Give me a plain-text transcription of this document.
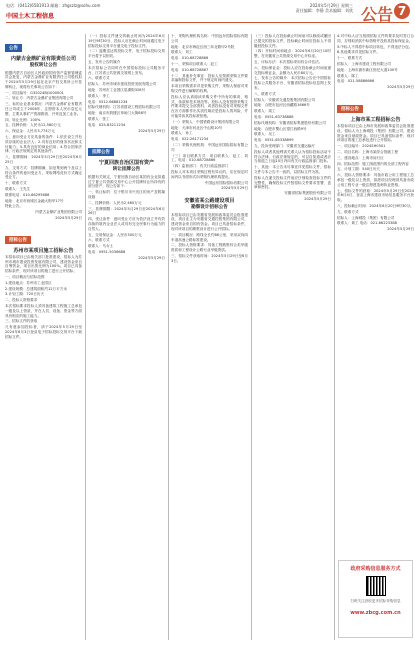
电话：(0412)6581913 邮箱：zhgszlz@sohu.com
中国土木工程信息
2024年5月29日 星期三
责任编辑：李静 美术编辑：刘欣 公告 7
公告
内蒙古金鼎矿业有限责任公司
股权转让公告
根据内蒙古自治区人民政府国有资产监督管理委员会批复，内蒙古金鼎矿业有限责任公司股权拟于2024年5月29日起在北京产权交易所公开挂牌转让，现将有关事项公告如下：
一、项目编号：G32024BJ1000001
二、转让方：内蒙古金鼎矿业集团有限公司
三、标的企业基本情况：内蒙古金鼎矿业有限责任公司成立于2008年，注册资本人民币壹亿元整，主要从事矿产资源勘查、开采及加工业务。
四、转让比例：100%
五、挂牌价格：人民币12,580万元
六、保证金：人民币3,774万元
七、意向受让方应具备的条件：1.依法设立并有效存续的企业法人；2.具有良好的财务状况和支付能力；3.具有良好的商业信用；4.符合国家法律、行政法规规定的其他条件。
八、挂牌期间：2024年5月29日至2024年6月25日
九、交易方式：挂牌期满，如征集到两个及以上符合条件的意向受让方，采取网络竞价方式确定受让方。
十、联系方式
联系人：王先生
联系电话：010-66295688
地址：北京市西城区金融大街甲17号
特此公告。
内蒙古金鼎矿业集团有限公司
2024年5月29日
招标公告
苏州市某项目施工招标公告
本招标项目已由相关部门批准建设，招标人为苏州市城市建设投资发展有限公司，建设资金来自自筹资金，项目出资比例为100%。项目已具备招标条件，现对该项目的施工进行公开招标。
一、项目概况与招标范围
1.建设地点：苏州市工业园区
2.建设规模：总建筑面积约12万平方米
3.计划工期：720日历天
二、投标人资格要求
本次招标要求投标人须具备建筑工程施工总承包一级及以上资质，并在人员、设备、资金等方面具有相应的施工能力。
三、招标文件的获取
凡有意参加投标者，请于2024年5月29日至2024年6月3日登录电子招标投标交易平台下载招标文件。
（一）投标文件递交的截止时间为2024年6月19日9时30分，投标人应在截止时间前通过电子招标投标交易平台递交电子投标文件。
（二）逾期送达的投标文件，电子招标投标交易平台将予以拒收。
五、发布公告的媒介
本次招标公告同时在中国招标投标公共服务平台、江苏省公共资源交易网上发布。
六、联系方式
招标人：苏州市城市建设投资发展有限公司
地址：苏州市工业园区星湖街328号
联系人：李工
电话：0512-66881234
招标代理机构：江苏省建设工程招标有限公司
地址：南京市鼓楼区草场门大街88号
联系人：张工
电话：025-83211234
2024年5月29日
挂牌公告
宁夏回族自治区国有资产
转让挂牌公告
根据有关规定，宁夏回族自治区某国有企业拟通过宁夏公共资源交易中心公开挂牌转让所持有的部分资产，现公告如下：
一、转让标的：位于银川市兴庆区的房产及附属设施
二、挂牌价格：人民币2,460万元
三、挂牌期限：2024年5月29日至2024年6月26日
四、受让条件：意向受让方应为依法设立并有效存续的境内企业法人或具有完全民事行为能力的自然人。
五、交易保证金：人民币500万元
六、联系方式
联系人：马女士
电话：0951-5036688
2024年5月29日
十、采购代理机构名称：中国远东国际招标有限公司
地址：北京市海淀区西三环北路甲2号院
联系人：刘工
电话：010-68728866
十一、采购项目联系人：赵工
电话：010-68728867
十二、其他补充事宜：投标人应按照采购文件要求编制投标文件，并于规定时间内递交。
本项目采购需求详见采购文件，采购人保留对采购文件进行解释的权利。
投标人应认真阅读采购文件中所有的事项、格式、条款和技术规范等。投标人没有按照采购文件要求提交全部资料，或者投标没有对采购文件在各方面都作出实质性响应是投标人的风险，并可能导致其投标被拒绝。
（一）采购人：中国铁路设计集团有限公司
地址：天津市河北区中山路10号
联系人：孙工
电话：022-26171234
（二）采购代理机构：中国远东国际招标有限公司
（三）项目联系方式：项目联系人：赵工、刘工，电话：010-68728866
（四）监督部门：有关行政监督部门
投标人对本项目采购过程有异议的，应在规定时间内以书面形式向采购代理机构提出。
中国远东国际招标有限公司
2024年5月29日
安徽省某公路建设项目
勘察设计招标公告
本招标项目已由安徽省发展和改革委员会批准建设，项目业主为安徽省交通控股集团有限公司，建设资金来自国有资金。项目已具备招标条件，现对该项目的勘察设计进行公开招标。
一、项目概况：路线全长约86公里，采用双向四车道高速公路标准建设。
二、投标人资格要求：具备工程勘察综合类甲级资质和工程设计公路行业甲级资质。
三、招标文件获取时间：2024年5月29日至6月3日。
（三）投标人在投标截止时间前可以修改或撤回已提交的投标文件，投标截止时间后投标人不得撤回投标文件。
（四）开标时间和地点：2024年6月20日10时整，在安徽省公共资源交易中心开标室。
五、评标办法：本次招标采用综合评估法。
六、投标保证金：投标人应在投标截止时间前递交投标保证金，金额为人民币80万元。
七、发布公告的媒介：本次招标公告在中国招标投标公共服务平台、安徽省招标投标信息网上发布。
八、联系方式
招标人：安徽省交通控股集团有限公司
地址：合肥市包河区西藏路1666号
联系人：周工
电话：0551-63738888
招标代理机构：安徽省招标集团股份有限公司
地址：合肥市蜀山区望江西路9号
联系人：吴工
电话：0551-65338899
九、投诉受理部门：安徽省交通运输厅
投标人或者其他利害关系人认为招标投标活动不符合法律、行政法规规定的，可以自知道或者应当知道之日起10日内向有关行政监督部门投诉。
十、其他：本公告未尽事宜详见招标文件，招标文件与本公告不一致的，以招标文件为准。
投标人在递交投标文件前应仔细检查投标文件的完整性，确保投标文件按招标文件要求签署、盖章和密封。
安徽省招标集团股份有限公司
2024年5月29日
4.对中标人应当按照招标文件的要求及时签订合同，否则取消其中标资格并没收其投标保证金。
5.中标人不得将中标项目转包，不得违法分包。
6.其他要求详见招标文件。
十一、联系方式
招标人：上海市建设工程有限公司
地址：上海市浦东新区世纪大道100号
联系人：陈工
电话：021-58886666
2024年5月29日
招标公告
上海市某工程招标公告
本招标项目已由上海市发展和改革委员会批准建设，招标人为上海城投（集团）有限公司，建设资金来自财政资金。项目已具备招标条件，现对该项目的施工总承包进行公开招标。
一、项目编号：2024SH0501
二、项目名称：上海市某综合管廊工程
三、建设地点：上海市闵行区
四、招标范围：施工图范围内的全部工程内容
五、计划工期：540日历天
六、投标人资格要求：具备市政公用工程施工总承包一级及以上资质，拟派项目经理须具备市政公用工程专业一级注册建造师执业资格。
七、招标文件的获取：2024年5月29日至2024年6月4日，登录上海市建设市场信息服务平台获取。
八、投标截止时间：2024年6月20日9时30分。
九、联系方式
招标人：上海城投（集团）有限公司
联系人：黄工 电话：021-66223388
2024年5月29日
政府采购信息服务方式
扫码关注获取更多招标采购信息
www.zbcg.com.cn
